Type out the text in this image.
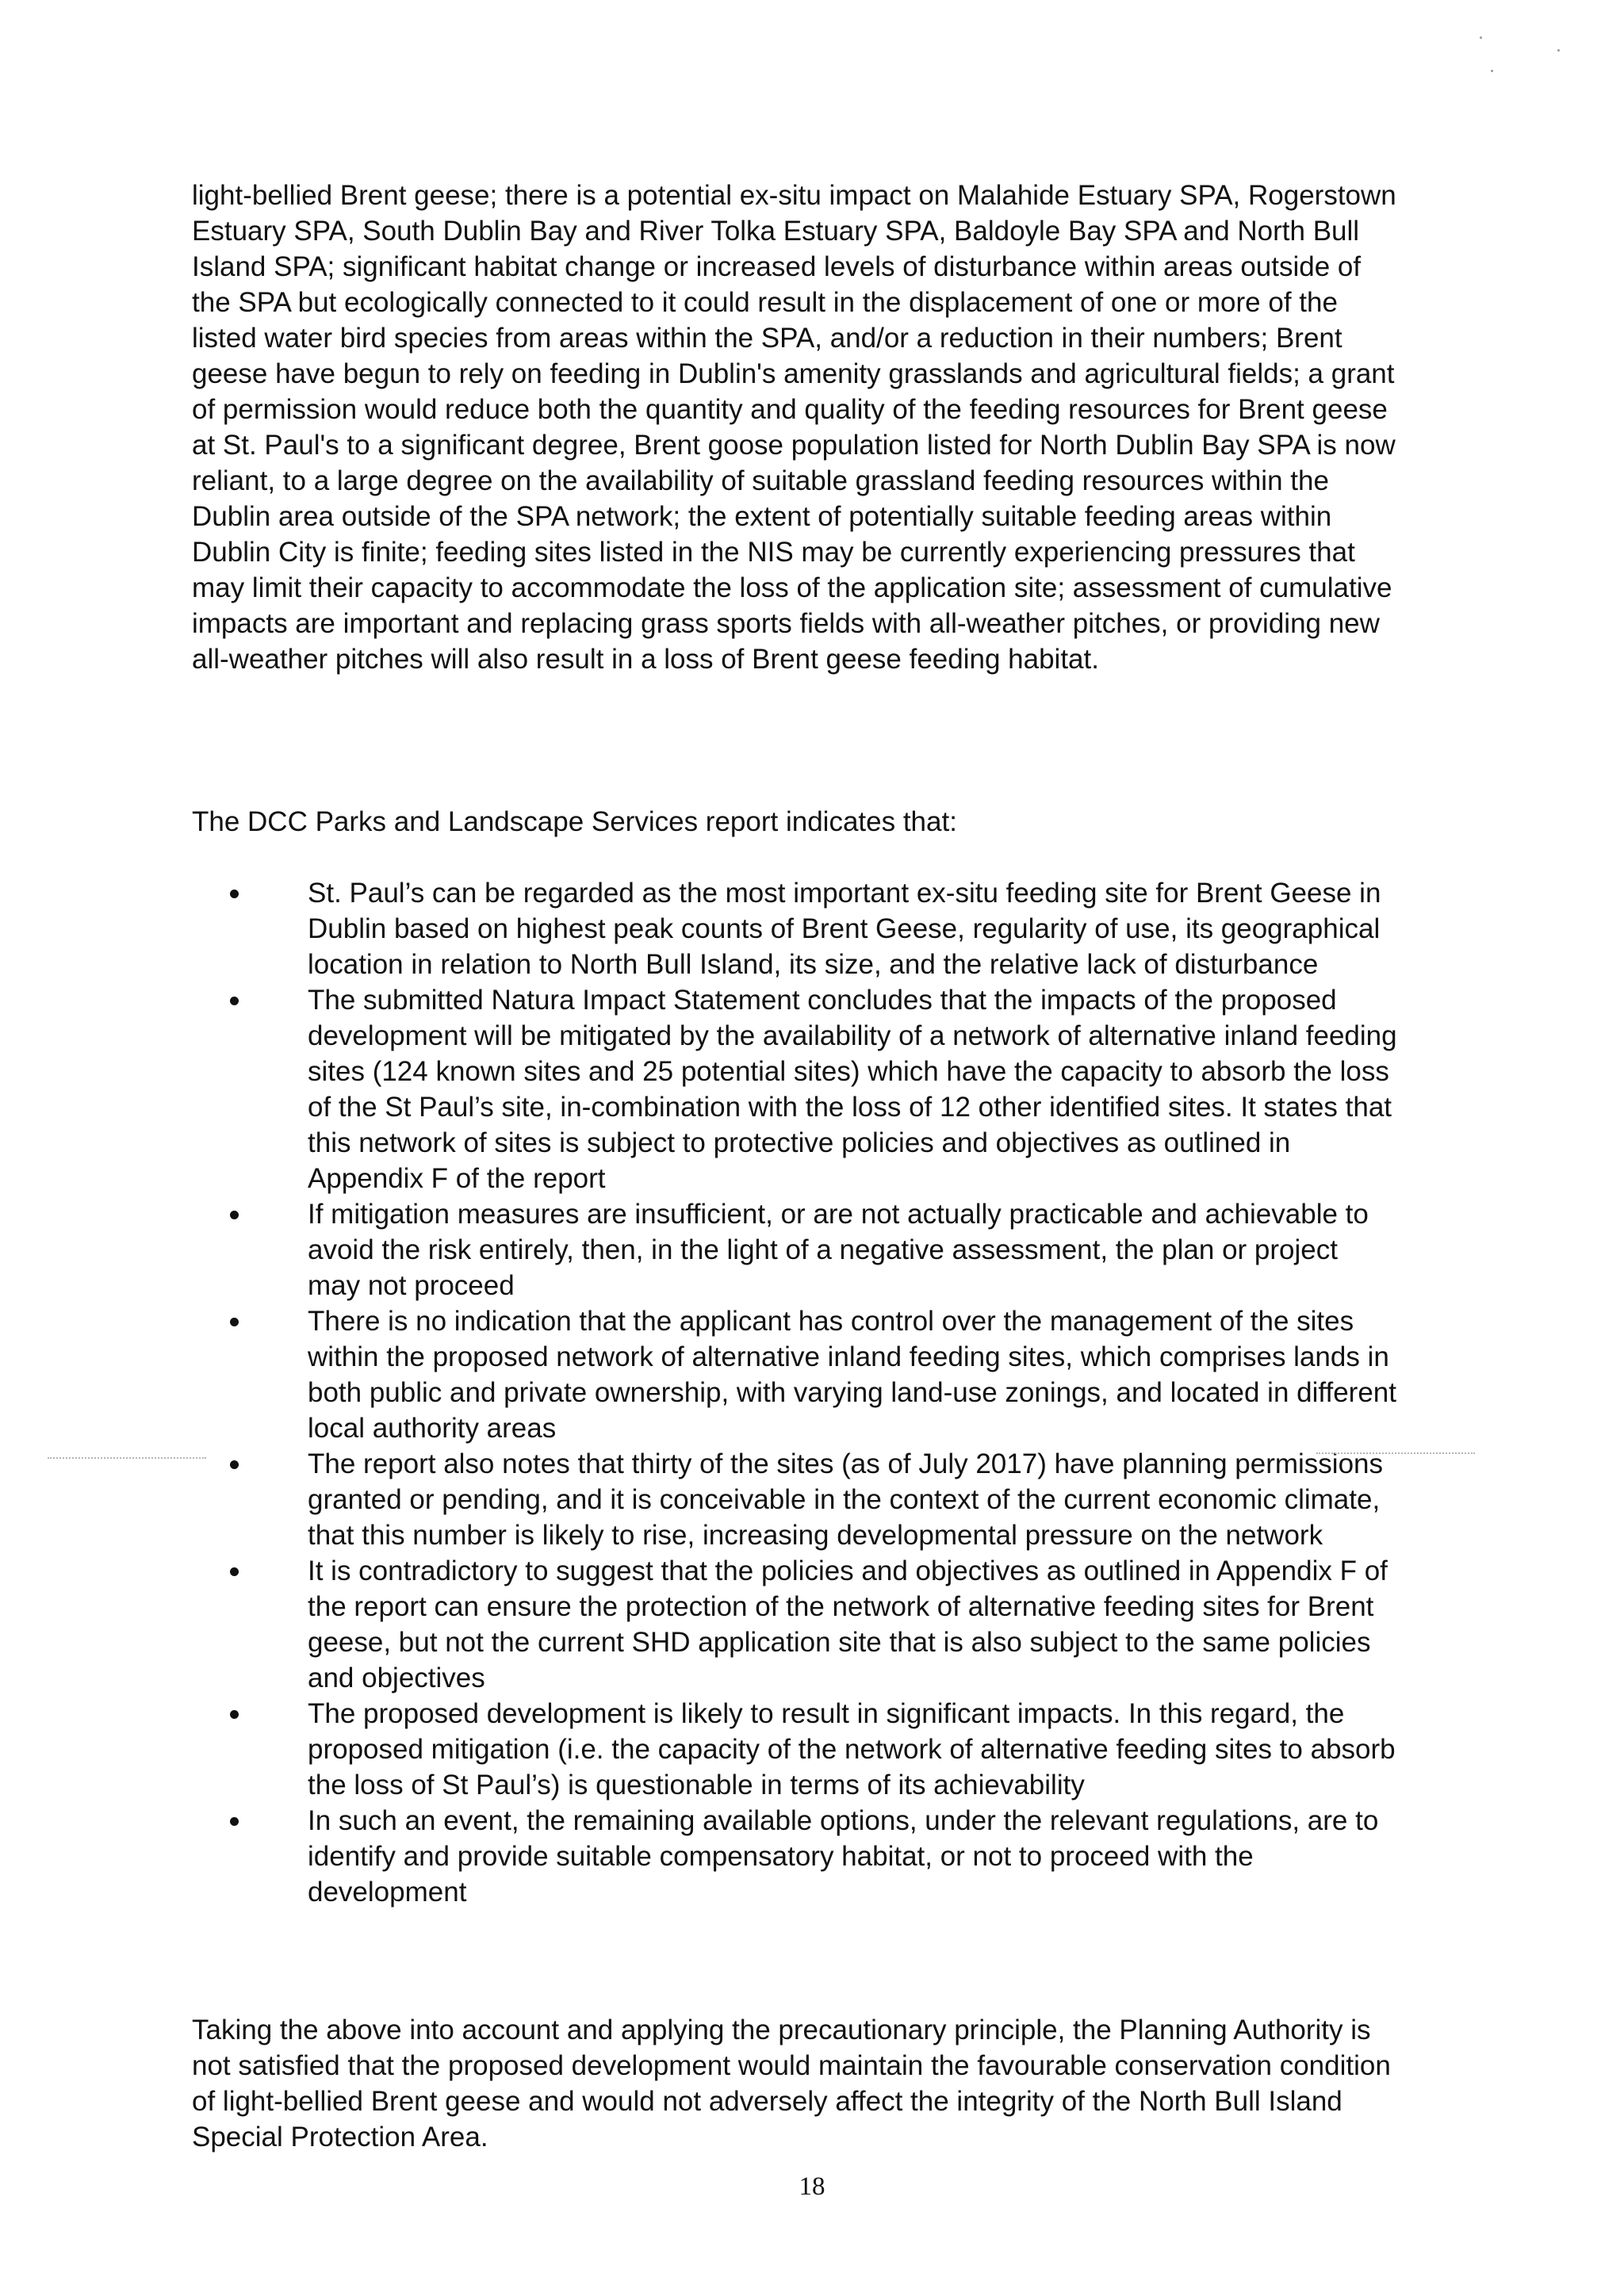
light-bellied Brent geese; there is a potential ex-situ impact on Malahide Estuary SPA, Rogerstown Estuary SPA, South Dublin Bay and River Tolka Estuary SPA, Baldoyle Bay SPA and North Bull Island SPA; significant habitat change or increased levels of disturbance within areas outside of the SPA but ecologically connected to it could result in the displacement of one or more of the listed water bird species from areas within the SPA, and/or a reduction in their numbers; Brent geese have begun to rely on feeding in Dublin's amenity grasslands and agricultural fields; a grant of permission would reduce both the quantity and quality of the feeding resources for Brent geese at St. Paul's to a significant degree, Brent goose population listed for North Dublin Bay SPA is now reliant, to a large degree on the availability of suitable grassland feeding resources within the Dublin area outside of the SPA network; the extent of potentially suitable feeding areas within Dublin City is finite; feeding sites listed in the NIS may be currently experiencing pressures that may limit their capacity to accommodate the loss of the application site; assessment of cumulative impacts are important and replacing grass sports fields with all-weather pitches, or providing new all-weather pitches will also result in a loss of Brent geese feeding habitat.

The DCC Parks and Landscape Services report indicates that:

St. Paul’s can be regarded as the most important ex-situ feeding site for Brent Geese in Dublin based on highest peak counts of Brent Geese, regularity of use, its geographical location in relation to North Bull Island, its size, and the relative lack of disturbance
The submitted Natura Impact Statement concludes that the impacts of the proposed development will be mitigated by the availability of a network of alternative inland feeding sites (124 known sites and 25 potential sites) which have the capacity to absorb the loss of the St Paul’s site, in-combination with the loss of 12 other identified sites. It states that this network of sites is subject to protective policies and objectives as outlined in Appendix F of the report
If mitigation measures are insufficient, or are not actually practicable and achievable to avoid the risk entirely, then, in the light of a negative assessment, the plan or project may not proceed
There is no indication that the applicant has control over the management of the sites within the proposed network of alternative inland feeding sites, which comprises lands in both public and private ownership, with varying land-use zonings, and located in different local authority areas
The report also notes that thirty of the sites (as of July 2017) have planning permissions granted or pending, and it is conceivable in the context of the current economic climate, that this number is likely to rise, increasing developmental pressure on the network
It is contradictory to suggest that the policies and objectives as outlined in Appendix F of the report can ensure the protection of the network of alternative feeding sites for Brent geese, but not the current SHD application site that is also subject to the same policies and objectives
The proposed development is likely to result in significant impacts. In this regard, the proposed mitigation (i.e. the capacity of the network of alternative feeding sites to absorb the loss of St Paul’s) is questionable in terms of its achievability
In such an event, the remaining available options, under the relevant regulations, are to identify and provide suitable compensatory habitat, or not to proceed with the development

Taking the above into account and applying the precautionary principle, the Planning Authority is not satisfied that the proposed development would maintain the favourable conservation condition of light-bellied Brent geese and would not adversely affect the integrity of the North Bull Island Special Protection Area.

18
